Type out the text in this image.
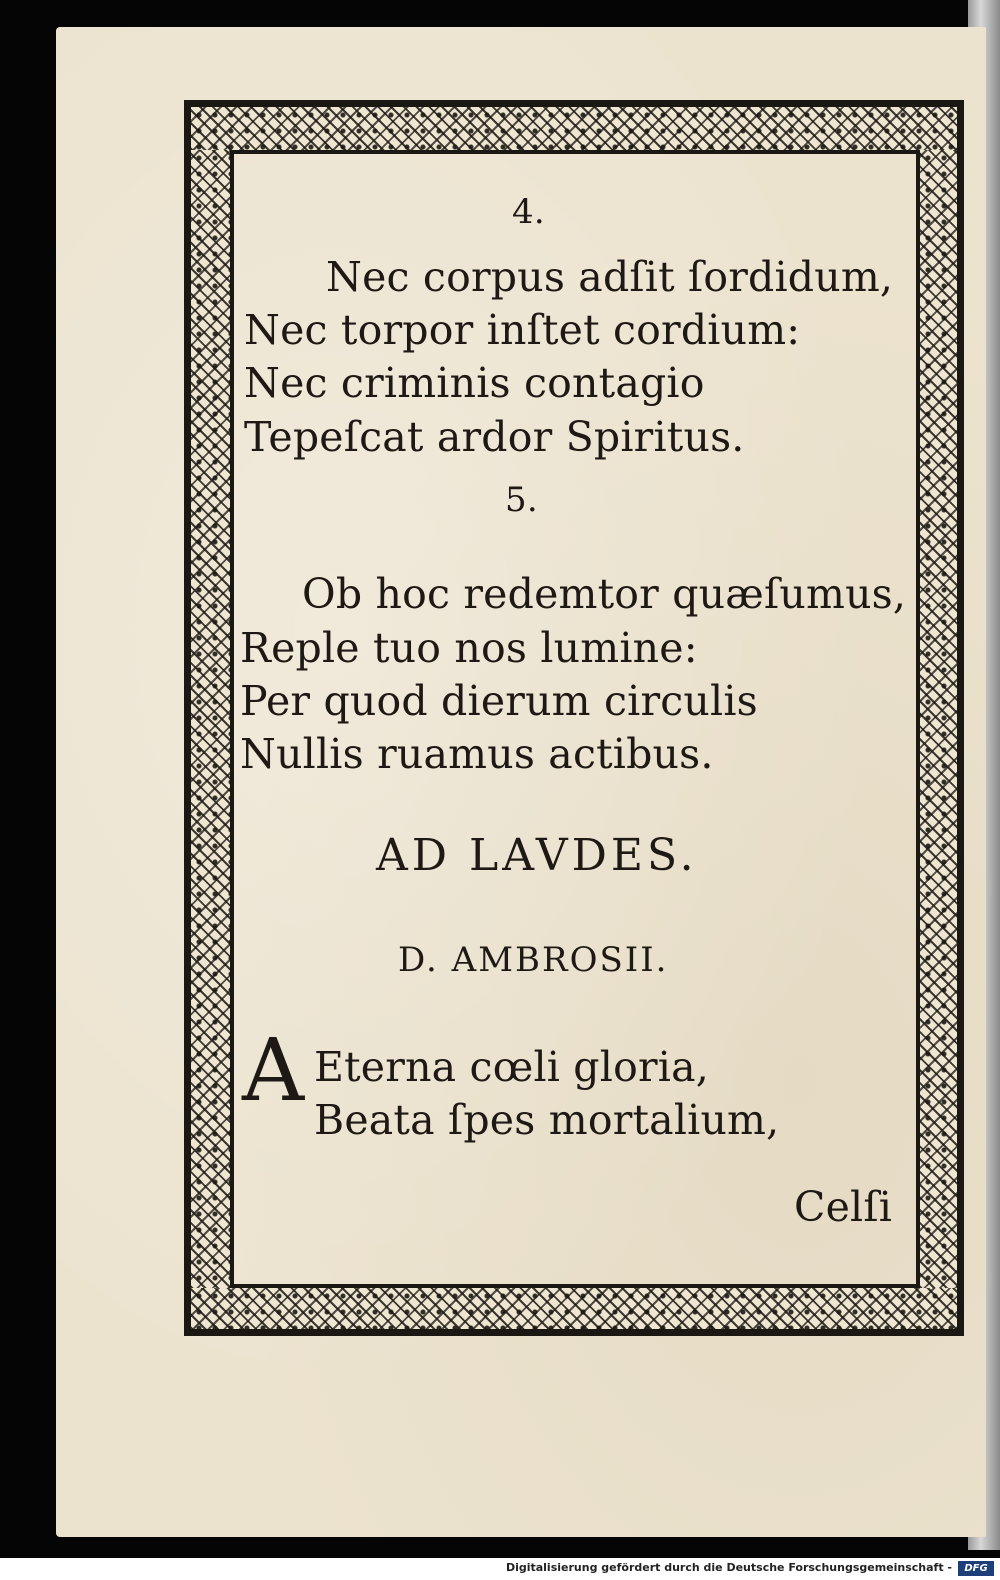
4.
Nec corpus adſit ſordidum,
Nec torpor inſtet cordium:
Nec criminis contagio
Tepeſcat ardor Spiritus.
5.
Ob hoc redemtor quæſumus,
Reple tuo nos lumine:
Per quod dierum circulis
Nullis ruamus actibus.
AD LAVDES.
D. AMBROSII.
A Eterna cœli gloria,
Beata ſpes mortalium,
Celſi
Digitalisierung gefördert durch die Deutsche Forschungsgemeinschaft -	DFG
